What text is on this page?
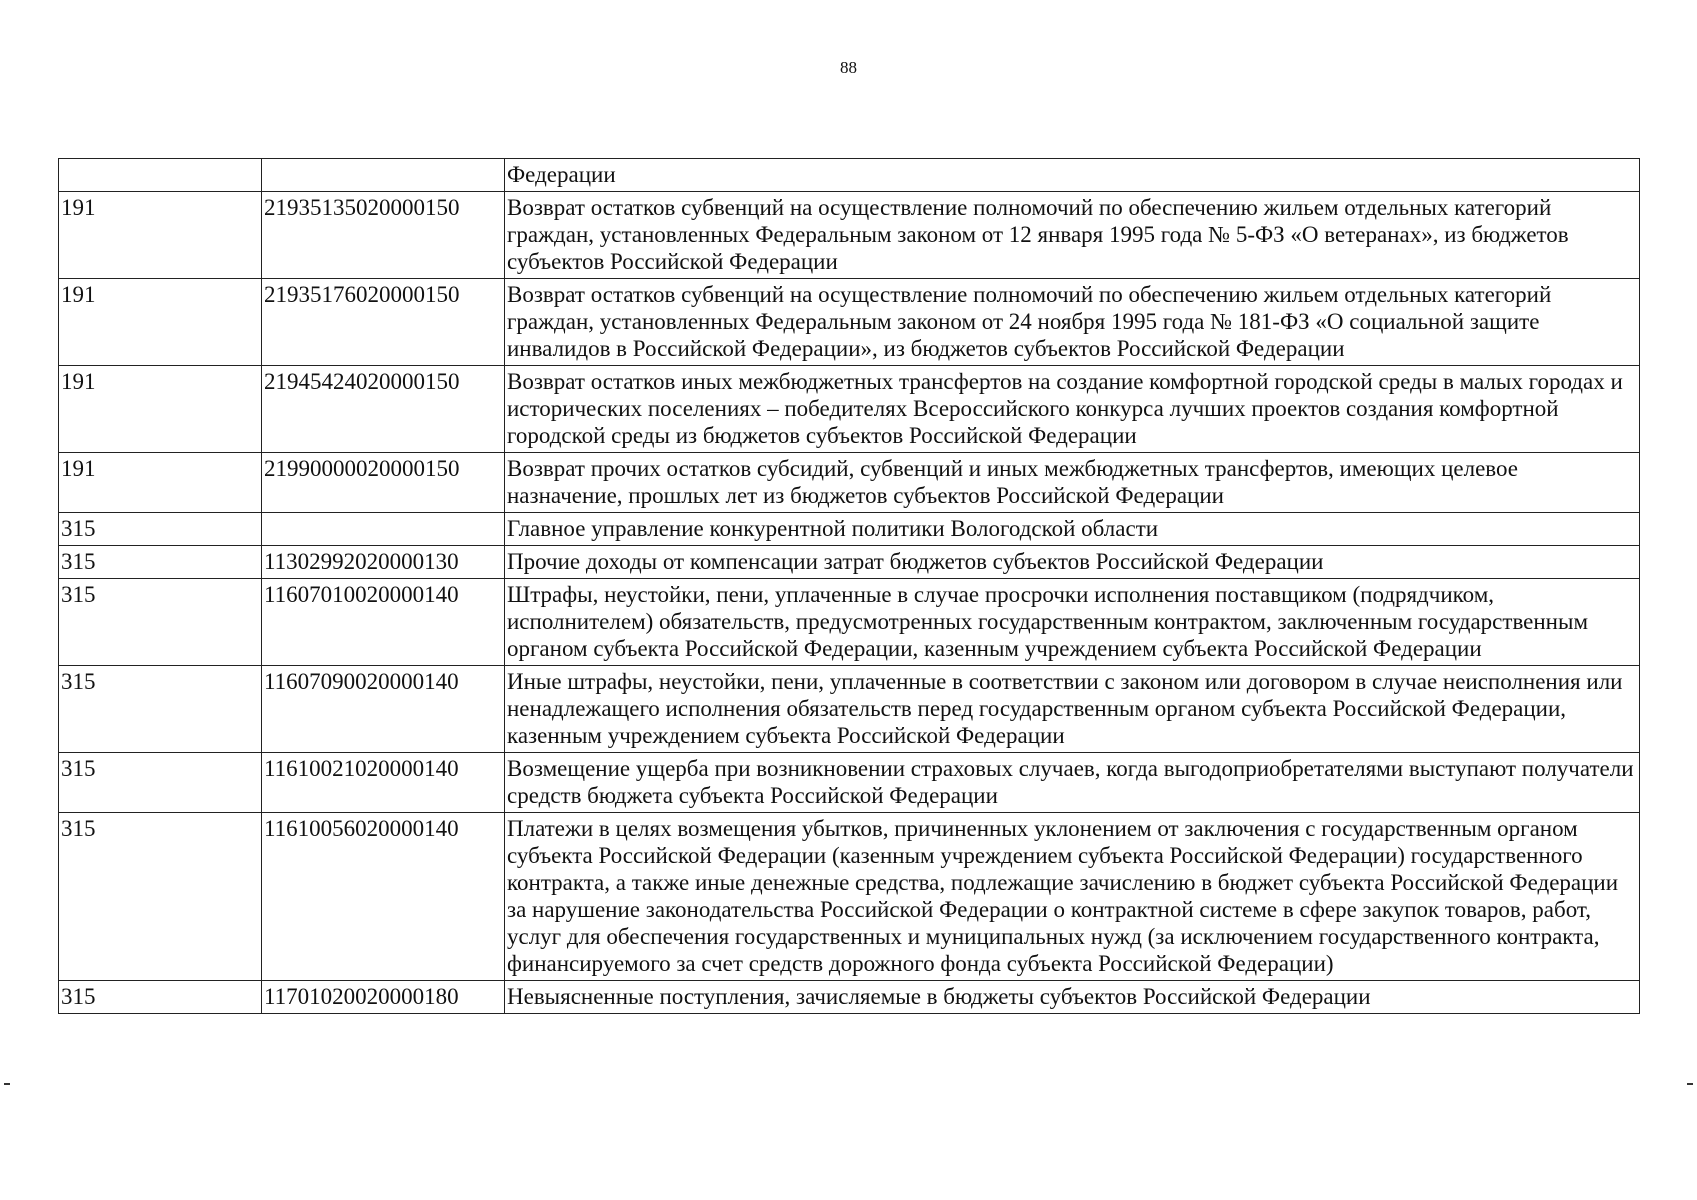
88
		Федерации
191	21935135020000150	Возврат остатков субвенций на осуществление полномочий по обеспечению жильем отдельных категорий граждан, установленных Федеральным законом от 12 января 1995 года № 5-ФЗ «О ветеранах», из бюджетов субъектов Российской Федерации
191	21935176020000150	Возврат остатков субвенций на осуществление полномочий по обеспечению жильем отдельных категорий граждан, установленных Федеральным законом от 24 ноября 1995 года № 181-ФЗ «О социальной защите инвалидов в Российской Федерации», из бюджетов субъектов Российской Федерации
191	21945424020000150	Возврат остатков иных межбюджетных трансфертов на создание комфортной городской среды в малых городах и исторических поселениях – победителях Всероссийского конкурса лучших проектов создания комфортной городской среды из бюджетов субъектов Российской Федерации
191	21990000020000150	Возврат прочих остатков субсидий, субвенций и иных межбюджетных трансфертов, имеющих целевое назначение, прошлых лет из бюджетов субъектов Российской Федерации
315		Главное управление конкурентной политики Вологодской области
315	11302992020000130	Прочие доходы от компенсации затрат бюджетов субъектов Российской Федерации
315	11607010020000140	Штрафы, неустойки, пени, уплаченные в случае просрочки исполнения поставщиком (подрядчиком, исполнителем) обязательств, предусмотренных государственным контрактом, заключенным государственным органом субъекта Российской Федерации, казенным учреждением субъекта Российской Федерации
315	11607090020000140	Иные штрафы, неустойки, пени, уплаченные в соответствии с законом или договором в случае неисполнения или ненадлежащего исполнения обязательств перед государственным органом субъекта Российской Федерации, казенным учреждением субъекта Российской Федерации
315	11610021020000140	Возмещение ущерба при возникновении страховых случаев, когда выгодоприобретателями выступают получатели средств бюджета субъекта Российской Федерации
315	11610056020000140	Платежи в целях возмещения убытков, причиненных уклонением от заключения с государственным органом субъекта Российской Федерации (казенным учреждением субъекта Российской Федерации) государственного контракта, а также иные денежные средства, подлежащие зачислению в бюджет субъекта Российской Федерации за нарушение законодательства Российской Федерации о контрактной системе в сфере закупок товаров, работ, услуг для обеспечения государственных и муниципальных нужд (за исключением государственного контракта, финансируемого за счет средств дорожного фонда субъекта Российской Федерации)
315	11701020020000180	Невыясненные поступления, зачисляемые в бюджеты субъектов Российской Федерации
